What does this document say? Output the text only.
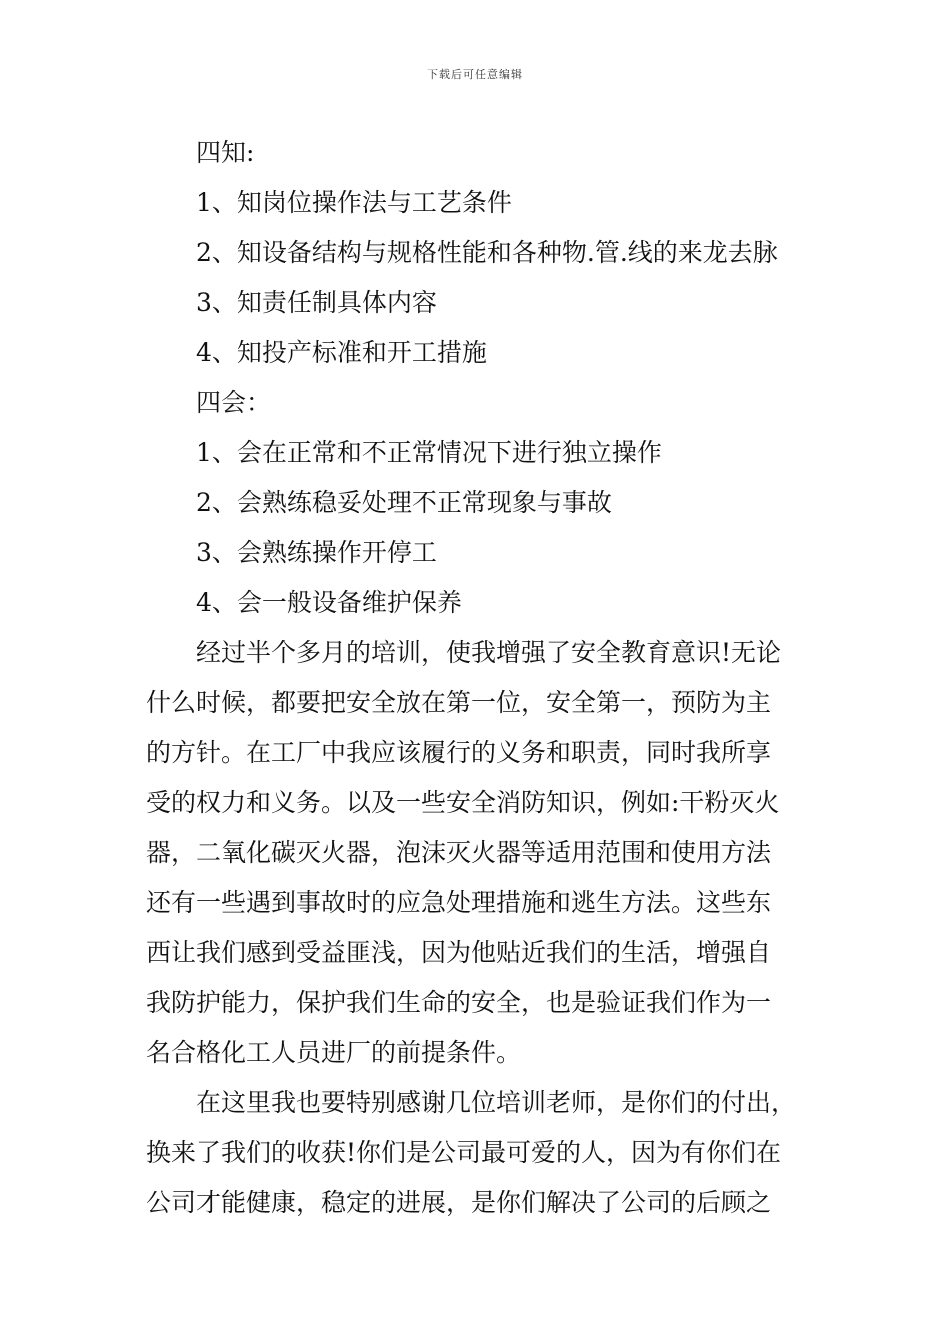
下载后可任意编辑
四知:
1、知岗位操作法与工艺条件
2、知设备结构与规格性能和各种物.管.线的来龙去脉
3、知责任制具体内容
4、知投产标准和开工措施
四会：
1、会在正常和不正常情况下进行独立操作
2、会熟练稳妥处理不正常现象与事故
3、会熟练操作开停工
4、会一般设备维护保养
经过半个多月的培训，使我增强了安全教育意识!无论
什么时候，都要把安全放在第一位，安全第一，预防为主
的方针。在工厂中我应该履行的义务和职责，同时我所享
受的权力和义务。以及一些安全消防知识，例如:干粉灭火
器，二氧化碳灭火器，泡沫灭火器等适用范围和使用方法
还有一些遇到事故时的应急处理措施和逃生方法。这些东
西让我们感到受益匪浅，因为他贴近我们的生活，增强自
我防护能力，保护我们生命的安全，也是验证我们作为一
名合格化工人员进厂的前提条件。
在这里我也要特别感谢几位培训老师，是你们的付出，
换来了我们的收获!你们是公司最可爱的人，因为有你们在
公司才能健康，稳定的进展，是你们解决了公司的后顾之
